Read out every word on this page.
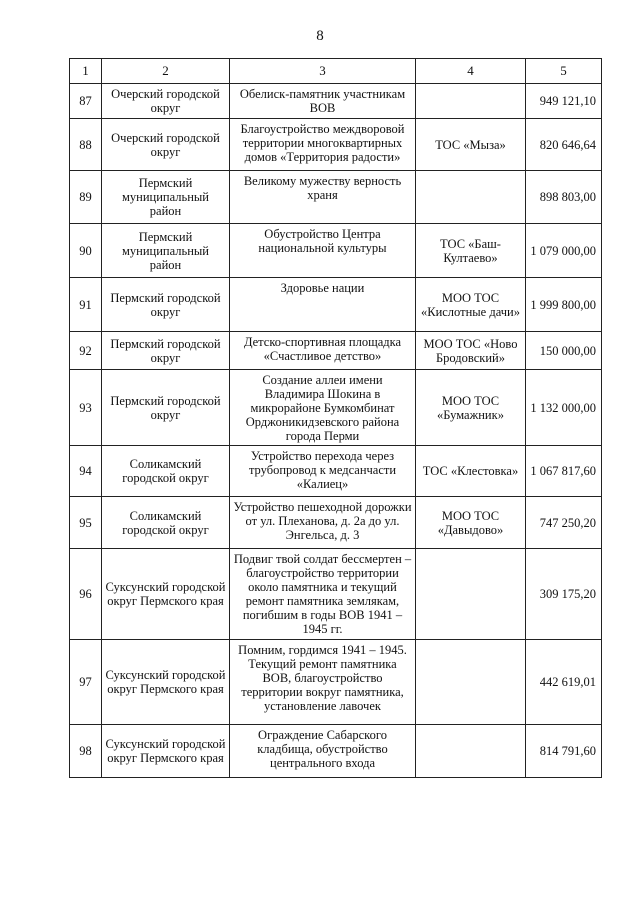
8
1	2	3	4	5
87	Очерский городской округ	Обелиск-памятник участникам ВОВ		949 121,10
88	Очерский городской округ	Благоустройство междворовой территории многоквартирных домов «Территория радости»	ТОС «Мыза»	820 646,64
89	Пермский муниципальный район	Великому мужеству верность храня		898 803,00
90	Пермский муниципальный район	Обустройство Центра национальной культуры	ТОС «Баш-Култаево»	1 079 000,00
91	Пермский городской округ	Здоровье нации	МОО ТОС «Кислотные дачи»	1 999 800,00
92	Пермский городской округ	Детско-спортивная площадка «Счастливое детство»	МОО ТОС «Ново Бродовский»	150 000,00
93	Пермский городской округ	Создание аллеи имени Владимира Шокина в микрорайоне Бумкомбинат Орджоникидзевского района города Перми	МОО ТОС «Бумажник»	1 132 000,00
94	Соликамский городской округ	Устройство перехода через трубопровод к медсанчасти «Калиец»	ТОС «Клестовка»	1 067 817,60
95	Соликамский городской округ	Устройство пешеходной дорожки от ул. Плеханова, д. 2а до ул. Энгельса, д. 3	МОО ТОС «Давыдово»	747 250,20
96	Суксунский городской округ Пермского края	Подвиг твой солдат бессмертен – благоустройство территории около памятника и текущий ремонт памятника землякам, погибшим в годы ВОВ 1941 – 1945 гг.		309 175,20
97	Суксунский городской округ Пермского края	Помним, гордимся 1941 – 1945. Текущий ремонт памятника ВОВ, благоустройство территории вокруг памятника, установление лавочек		442 619,01
98	Суксунский городской округ Пермского края	Ограждение Сабарского кладбища, обустройство центрального входа		814 791,60
